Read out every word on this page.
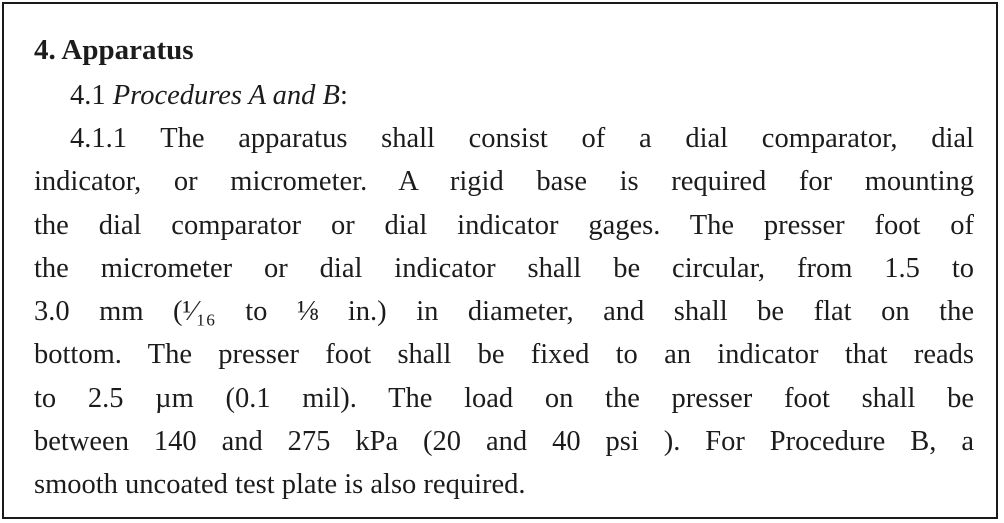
4. Apparatus
4.1 Procedures A and B:
4.1.1 The apparatus shall consist of a dial comparator, dial
indicator, or micrometer. A rigid base is required for mounting
the dial comparator or dial indicator gages. The presser foot of
the micrometer or dial indicator shall be circular, from 1.5 to
3.0 mm (¹⁄₁₆ to ⅛ in.) in diameter, and shall be flat on the
bottom. The presser foot shall be fixed to an indicator that reads
to 2.5 µm (0.1 mil). The load on the presser foot shall be
between 140 and 275 kPa (20 and 40 psi ). For Procedure B, a
smooth uncoated test plate is also required.
